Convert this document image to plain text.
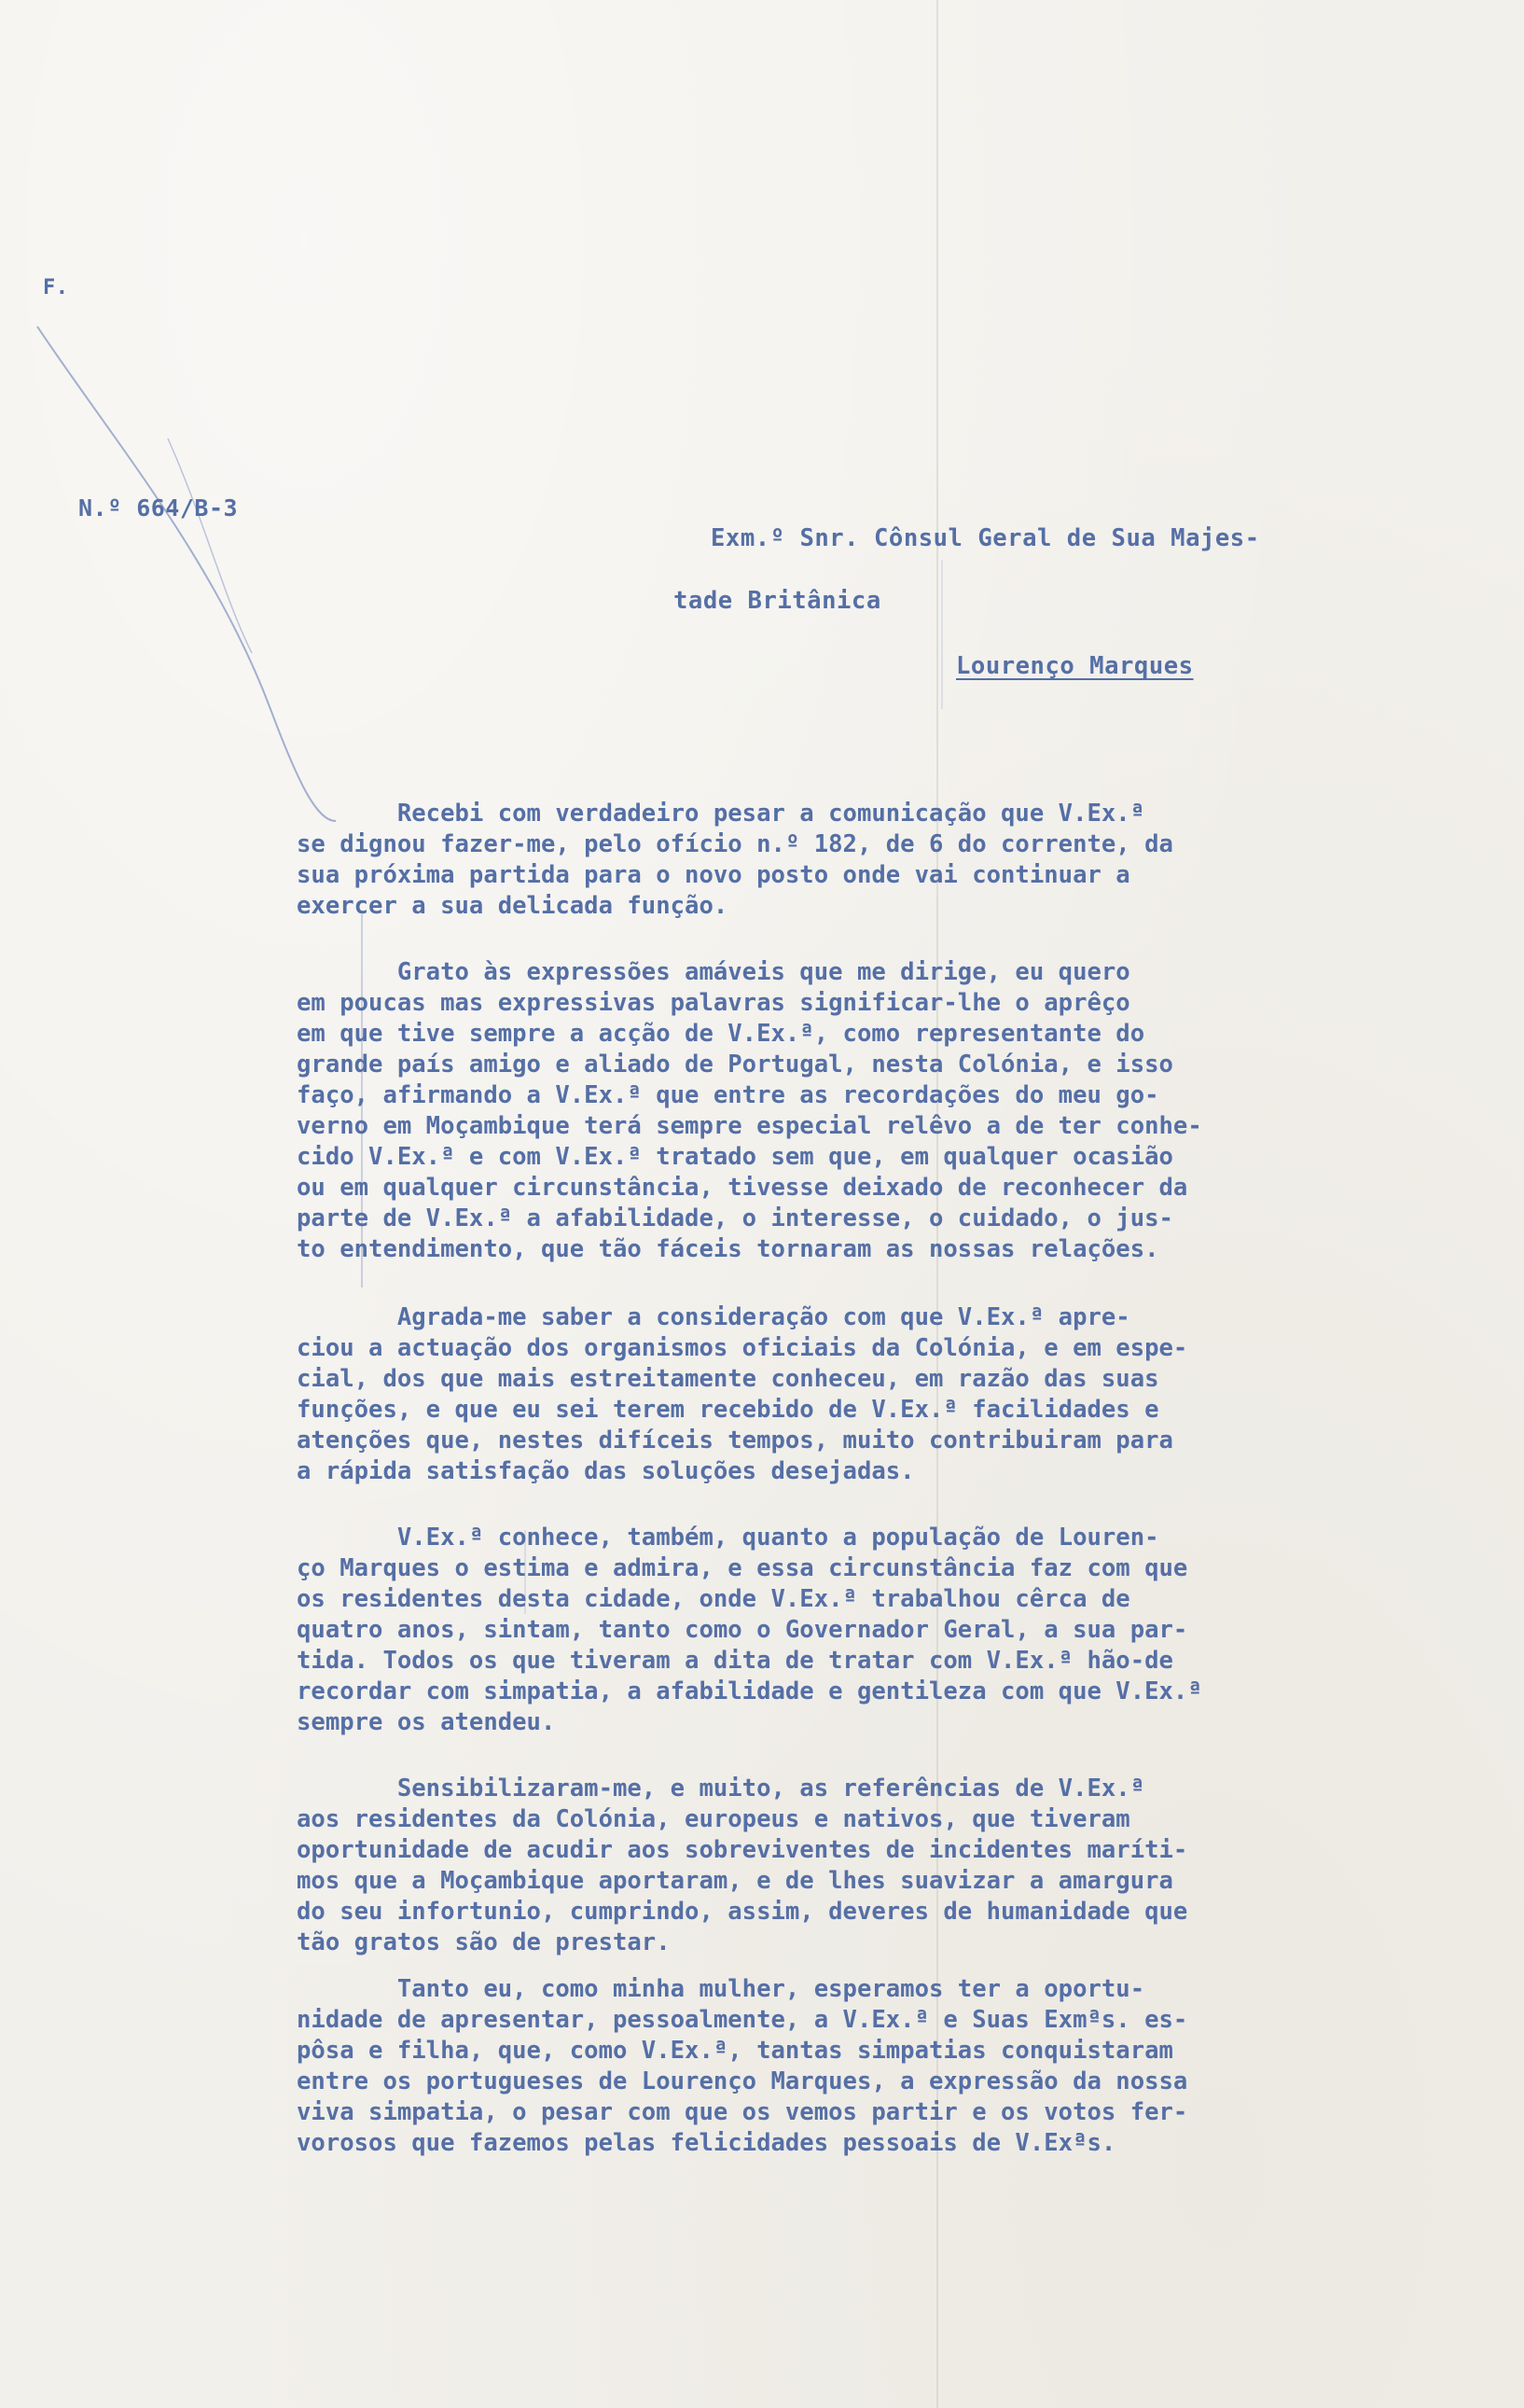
F.
N.º 664/B-3
Exm.º Snr. Cônsul Geral de Sua Majes-
tade Britânica
Lourenço Marques
Recebi com verdadeiro pesar a comunicação que V.Ex.ª
se dignou fazer-me, pelo ofício n.º 182, de 6 do corrente, da
sua próxima partida para o novo posto onde vai continuar a
exercer a sua delicada função.
Grato às expressões amáveis que me dirige, eu quero
em poucas mas expressivas palavras significar-lhe o aprêço
em que tive sempre a acção de V.Ex.ª, como representante do
grande país amigo e aliado de Portugal, nesta Colónia, e isso
faço, afirmando a V.Ex.ª que entre as recordações do meu go-
verno em Moçambique terá sempre especial relêvo a de ter conhe-
cido V.Ex.ª e com V.Ex.ª tratado sem que, em qualquer ocasião
ou em qualquer circunstância, tivesse deixado de reconhecer da
parte de V.Ex.ª a afabilidade, o interesse, o cuidado, o jus-
to entendimento, que tão fáceis tornaram as nossas relações.
Agrada-me saber a consideração com que V.Ex.ª apre-
ciou a actuação dos organismos oficiais da Colónia, e em espe-
cial, dos que mais estreitamente conheceu, em razão das suas
funções, e que eu sei terem recebido de V.Ex.ª facilidades e
atenções que, nestes difíceis tempos, muito contribuiram para
a rápida satisfação das soluções desejadas.
V.Ex.ª conhece, também, quanto a população de Louren-
ço Marques o estima e admira, e essa circunstância faz com que
os residentes desta cidade, onde V.Ex.ª trabalhou cêrca de
quatro anos, sintam, tanto como o Governador Geral, a sua par-
tida. Todos os que tiveram a dita de tratar com V.Ex.ª hão-de
recordar com simpatia, a afabilidade e gentileza com que V.Ex.ª
sempre os atendeu.
Sensibilizaram-me, e muito, as referências de V.Ex.ª
aos residentes da Colónia, europeus e nativos, que tiveram
oportunidade de acudir aos sobreviventes de incidentes maríti-
mos que a Moçambique aportaram, e de lhes suavizar a amargura
do seu infortunio, cumprindo, assim, deveres de humanidade que
tão gratos são de prestar.
Tanto eu, como minha mulher, esperamos ter a oportu-
nidade de apresentar, pessoalmente, a V.Ex.ª e Suas Exmªs. es-
pôsa e filha, que, como V.Ex.ª, tantas simpatias conquistaram
entre os portugueses de Lourenço Marques, a expressão da nossa
viva simpatia, o pesar com que os vemos partir e os votos fer-
vorosos que fazemos pelas felicidades pessoais de V.Exªs.
